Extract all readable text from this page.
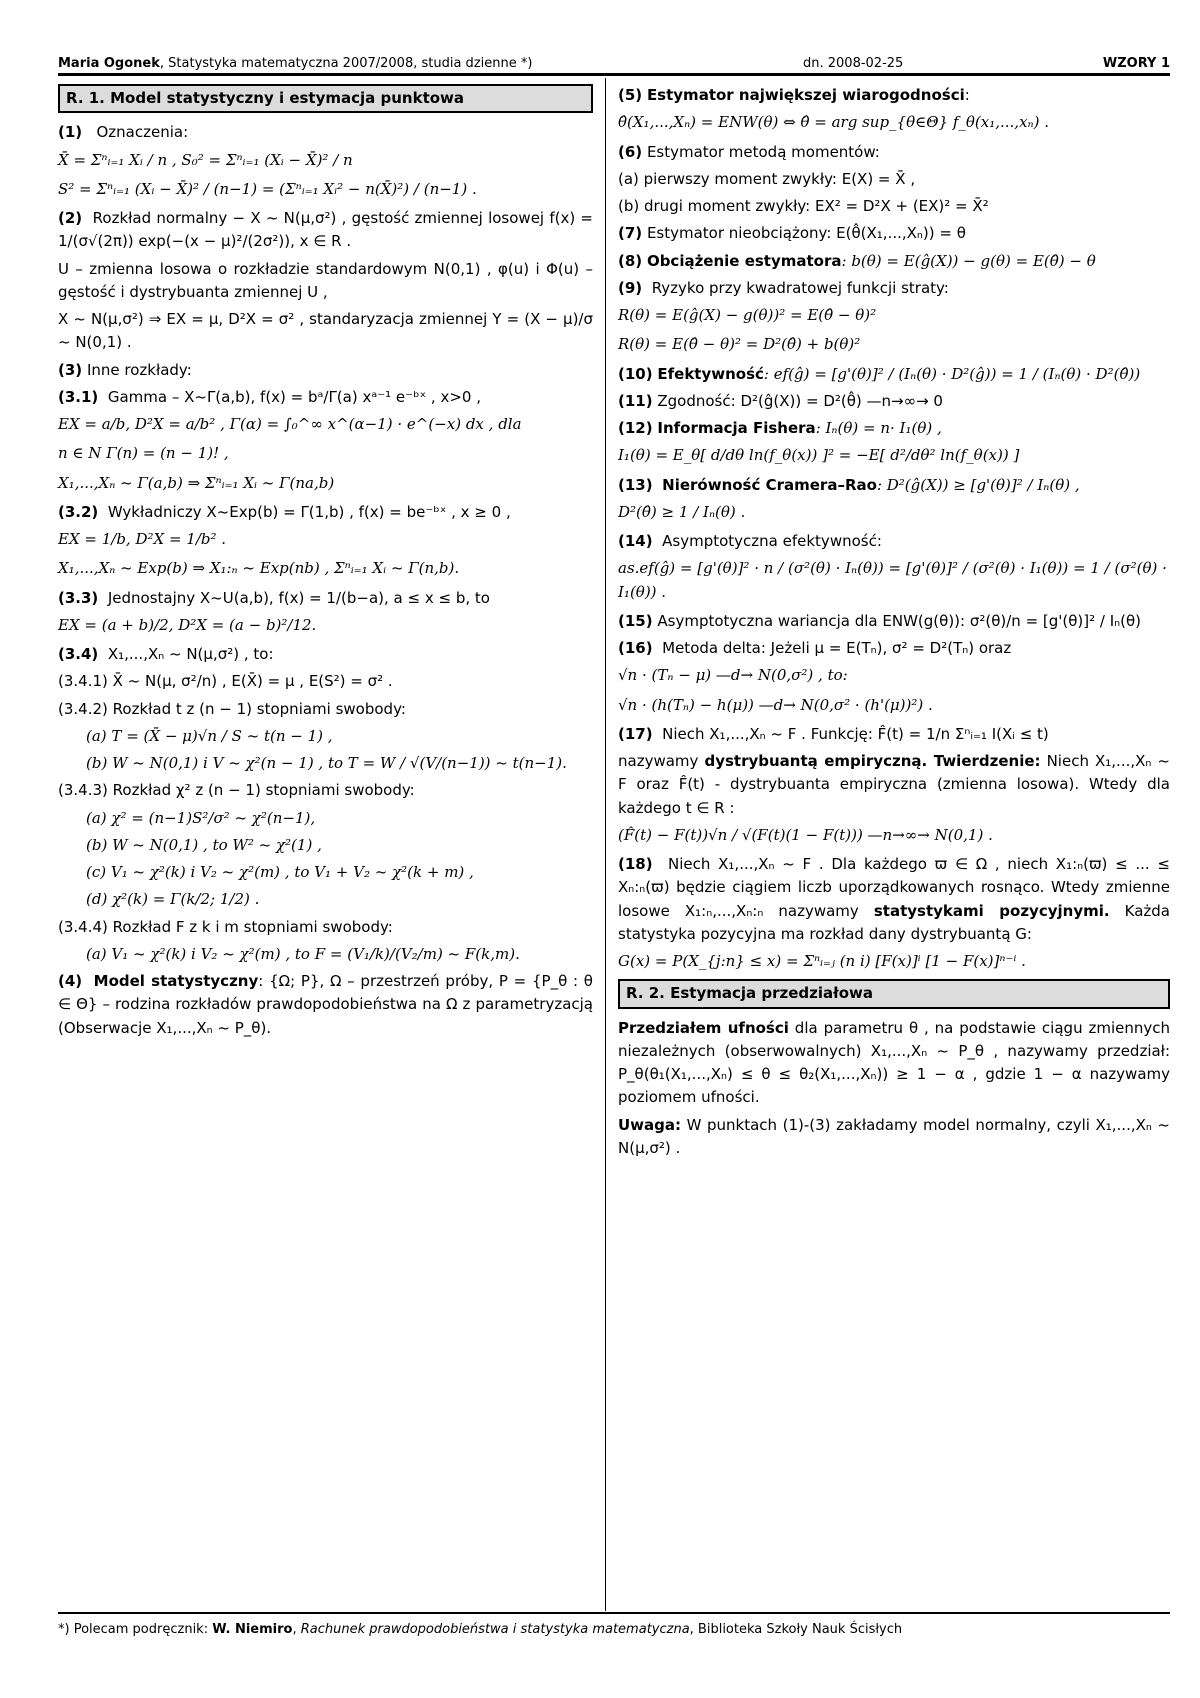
Maria Ogonek, Statystyka matematyczna 2007/2008, studia dzienne *)	dn. 2008-02-25	WZORY 1
R. 1. Model statystyczny i estymacja punktowa
(1) Oznaczenia:
X̄ = Σⁿᵢ₌₁ Xᵢ / n , S₀² = Σⁿᵢ₌₁ (Xᵢ − X̄)² / n
S² = Σⁿᵢ₌₁ (Xᵢ − X̄)² / (n−1) = (Σⁿᵢ₌₁ Xᵢ² − n(X̄)²) / (n−1) .
(2) Rozkład normalny − X ~ N(μ,σ²) , gęstość zmiennej losowej f(x) = 1/(σ√(2π)) exp(−(x − μ)²/(2σ²)), x ∈ R .
U – zmienna losowa o rozkładzie standardowym N(0,1) , φ(u) i Φ(u) – gęstość i dystrybuanta zmiennej U ,
X ~ N(μ,σ²) ⇒ EX = μ, D²X = σ² , standaryzacja zmiennej Y = (X − μ)/σ ~ N(0,1) .
(3) Inne rozkłady:
(3.1) Gamma – X~Γ(a,b), f(x) = bᵃ/Γ(a) xᵃ⁻¹ e⁻ᵇˣ , x>0 ,
EX = a/b, D²X = a/b² , Γ(α) = ∫₀^∞ x^(α−1) · e^(−x) dx , dla
n ∈ N Γ(n) = (n − 1)! ,
X₁,...,Xₙ ~ Γ(a,b) ⇒ Σⁿᵢ₌₁ Xᵢ ~ Γ(na,b)
(3.2) Wykładniczy X~Exp(b) = Γ(1,b) , f(x) = be⁻ᵇˣ , x ≥ 0 ,
EX = 1/b, D²X = 1/b² .
X₁,...,Xₙ ~ Exp(b) ⇒ X₁:ₙ ~ Exp(nb) , Σⁿᵢ₌₁ Xᵢ ~ Γ(n,b).
(3.3) Jednostajny X~U(a,b), f(x) = 1/(b−a), a ≤ x ≤ b, to
EX = (a + b)/2, D²X = (a − b)²/12.
(3.4) X₁,...,Xₙ ~ N(μ,σ²) , to:
(3.4.1) X̄ ~ N(μ, σ²/n) , E(X̄) = μ , E(S²) = σ² .
(3.4.2) Rozkład t z (n − 1) stopniami swobody:
(a) T = (X̄ − μ)√n / S ~ t(n − 1) ,
(b) W ~ N(0,1) i V ~ χ²(n − 1) , to T = W / √(V/(n−1)) ~ t(n−1).
(3.4.3) Rozkład χ² z (n − 1) stopniami swobody:
(a) χ² = (n−1)S²/σ² ~ χ²(n−1),
(b) W ~ N(0,1) , to W² ~ χ²(1) ,
(c) V₁ ~ χ²(k) i V₂ ~ χ²(m) , to V₁ + V₂ ~ χ²(k + m) ,
(d) χ²(k) = Γ(k/2; 1/2) .
(3.4.4) Rozkład F z k i m stopniami swobody:
(a) V₁ ~ χ²(k) i V₂ ~ χ²(m) , to F = (V₁/k)/(V₂/m) ~ F(k,m).
(4) Model statystyczny: {Ω; P}, Ω – przestrzeń próby, P = {P_θ : θ ∈ Θ} – rodzina rozkładów prawdopodobieństwa na Ω z parametryzacją (Obserwacje X₁,...,Xₙ ~ P_θ).
(5) Estymator największej wiarogodności:
θ̂(X₁,...,Xₙ) = ENW(θ) ⇔ θ̂ = arg sup_{θ∈Θ} f_θ(x₁,...,xₙ) .
(6) Estymator metodą momentów:
(a) pierwszy moment zwykły: E(X) = X̄ ,
(b) drugi moment zwykły: EX² = D²X + (EX)² = X̄²
(7) Estymator nieobciążony: E(θ̂(X₁,...,Xₙ)) = θ
(8) Obciążenie estymatora: b(θ) = E(ĝ(X)) − g(θ) = E(θ̂) − θ
(9) Ryzyko przy kwadratowej funkcji straty:
R(θ) = E(ĝ(X) − g(θ))² = E(θ̂ − θ)²
R(θ) = E(θ̂ − θ)² = D²(θ̂) + b(θ)²
(10) Efektywność: ef(ĝ) = [g'(θ)]² / (Iₙ(θ) · D²(ĝ)) = 1 / (Iₙ(θ) · D²(θ̂))
(11) Zgodność: D²(ĝ(X)) = D²(θ̂) —n→∞→ 0
(12) Informacja Fishera: Iₙ(θ) = n· I₁(θ) ,
I₁(θ) = E_θ[ d/dθ ln(f_θ(x)) ]² = −E[ d²/dθ² ln(f_θ(x)) ]
(13) Nierówność Cramera–Rao: D²(ĝ(X)) ≥ [g'(θ)]² / Iₙ(θ) ,
D²(θ̂) ≥ 1 / Iₙ(θ) .
(14) Asymptotyczna efektywność:
as.ef(ĝ) = [g'(θ)]² · n / (σ²(θ) · Iₙ(θ)) = [g'(θ)]² / (σ²(θ) · I₁(θ)) = 1 / (σ²(θ) · I₁(θ)) .
(15) Asymptotyczna wariancja dla ENW(g(θ)): σ²(θ)/n = [g'(θ)]² / Iₙ(θ)
(16) Metoda delta: Jeżeli μ = E(Tₙ), σ² = D²(Tₙ) oraz
√n · (Tₙ − μ) —d→ N(0,σ²) , to:
√n · (h(Tₙ) − h(μ)) —d→ N(0,σ² · (h'(μ))²) .
(17) Niech X₁,...,Xₙ ~ F . Funkcję: F̂(t) = 1/n Σⁿᵢ₌₁ I(Xᵢ ≤ t)
nazywamy dystrybuantą empiryczną. Twierdzenie: Niech X₁,...,Xₙ ~ F oraz F̂(t) - dystrybuanta empiryczna (zmienna losowa). Wtedy dla każdego t ∈ R :
(F̂(t) − F(t))√n / √(F(t)(1 − F(t))) —n→∞→ N(0,1) .
(18) Niech X₁,...,Xₙ ~ F . Dla każdego ϖ ∈ Ω , niech X₁:ₙ(ϖ) ≤ ... ≤ Xₙ:ₙ(ϖ) będzie ciągiem liczb uporządkowanych rosnąco. Wtedy zmienne losowe X₁:ₙ,...,Xₙ:ₙ nazywamy statystykami pozycyjnymi. Każda statystyka pozycyjna ma rozkład dany dystrybuantą G:
G(x) = P(X_{j:n} ≤ x) = Σⁿᵢ₌ⱼ (n i) [F(x)]ⁱ [1 − F(x)]ⁿ⁻ⁱ .
R. 2. Estymacja przedziałowa
Przedziałem ufności dla parametru θ , na podstawie ciągu zmiennych niezależnych (obserwowalnych) X₁,...,Xₙ ~ P_θ , nazywamy przedział: P_θ(θ₁(X₁,...,Xₙ) ≤ θ ≤ θ₂(X₁,...,Xₙ)) ≥ 1 − α , gdzie 1 − α nazywamy poziomem ufności.
Uwaga: W punktach (1)-(3) zakładamy model normalny, czyli X₁,...,Xₙ ~ N(μ,σ²) .
*) Polecam podręcznik: W. Niemiro, Rachunek prawdopodobieństwa i statystyka matematyczna, Biblioteka Szkoły Nauk Ścisłych
